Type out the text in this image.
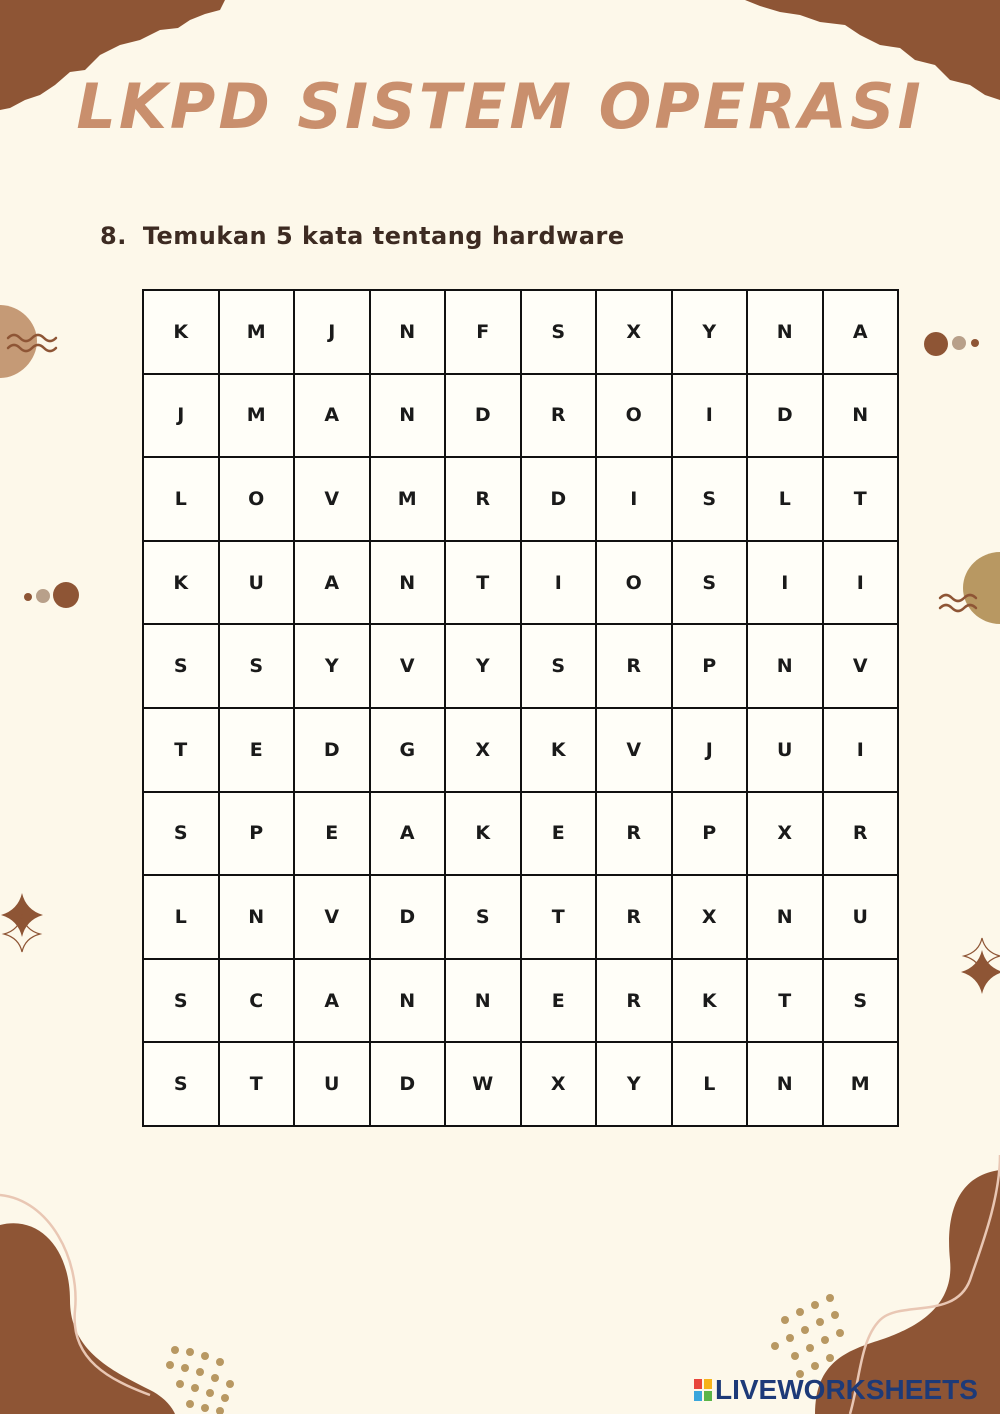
LKPD SISTEM OPERASI
8. Temukan 5 kata tentang hardware
K	M	J	N	F	S	X	Y	N	A
J	M	A	N	D	R	O	I	D	N
L	O	V	M	R	D	I	S	L	T
K	U	A	N	T	I	O	S	I	I
S	S	Y	V	Y	S	R	P	N	V
T	E	D	G	X	K	V	J	U	I
S	P	E	A	K	E	R	P	X	R
L	N	V	D	S	T	R	X	N	U
S	C	A	N	N	E	R	K	T	S
S	T	U	D	W	X	Y	L	N	M
LIVEWORKSHEETS
